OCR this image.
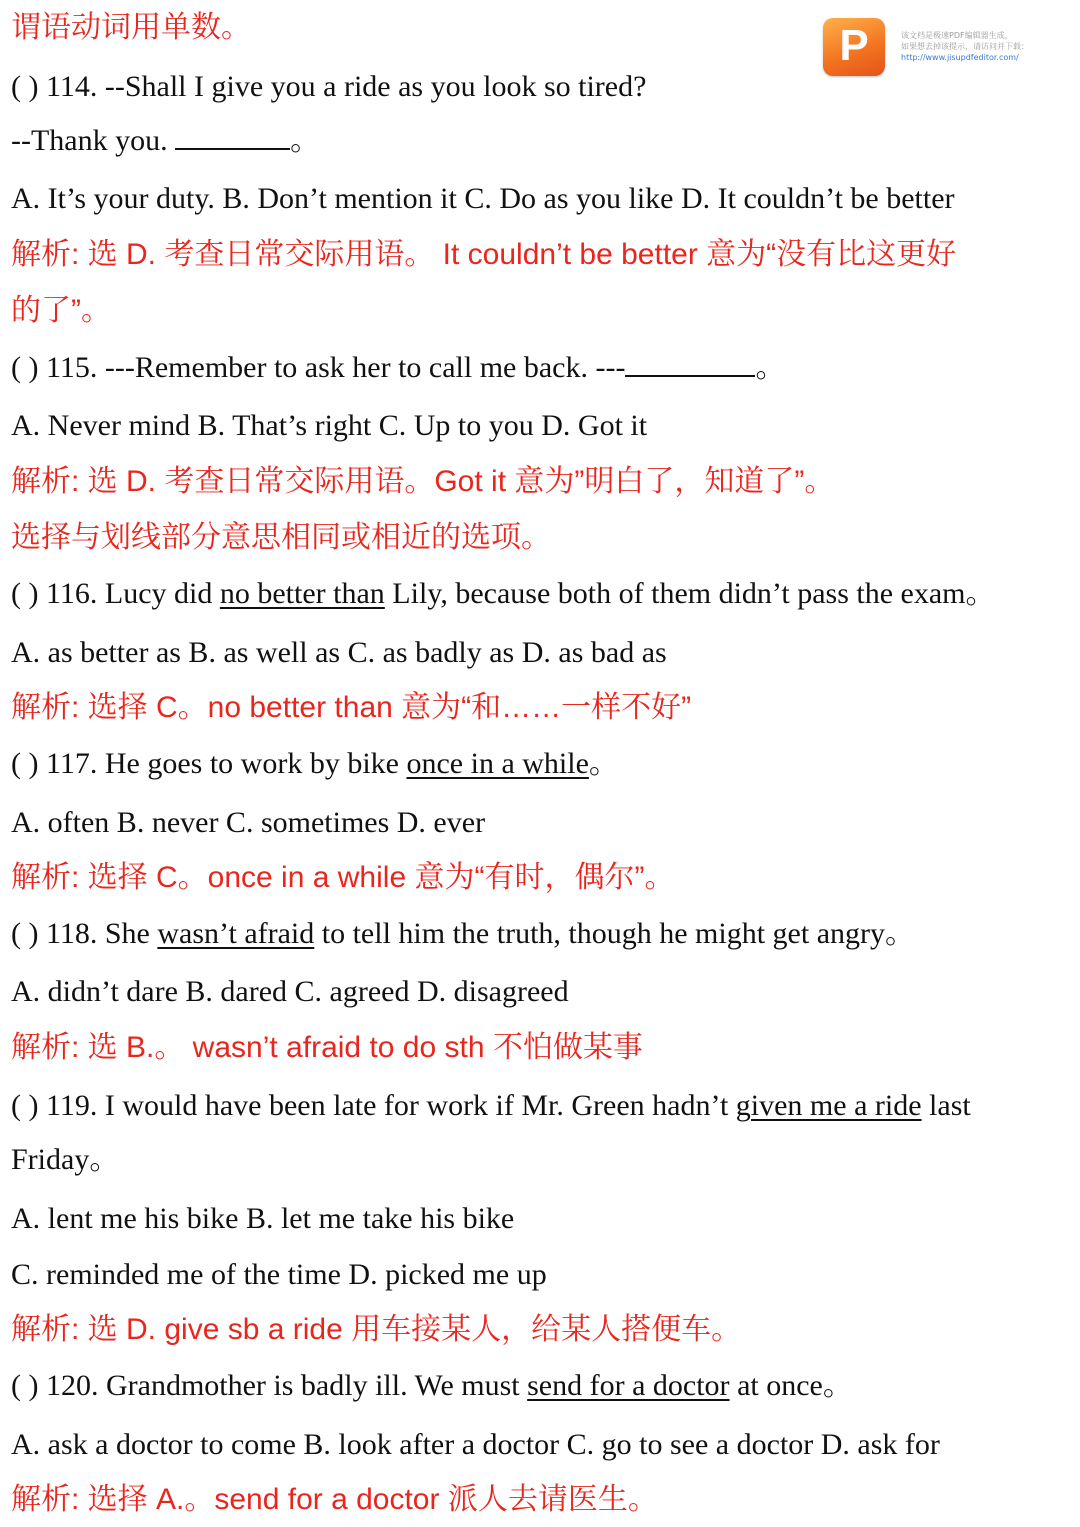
P	该文档是极速PDF编辑器生成，
如果想去掉该提示，请访问并下载：
http://www.jisupdfeditor.com/
谓语动词用单数。
( ) 114. --Shall I give you a ride as you look so tired?
--Thank you.	。
A. It’s your duty. B. Don’t mention it C. Do as you like D. It couldn’t be better
解析: 选 D. 考查日常交际用语。 It couldn’t be better 意为“没有比这更好
的了”。
( ) 115. ---Remember to ask her to call me back. ---	。
A. Never mind B. That’s right C. Up to you D. Got it
解析: 选 D. 考查日常交际用语。Got it 意为”明白了，知道了”。
选择与划线部分意思相同或相近的选项。
( ) 116. Lucy did no better than Lily, because both of them didn’t pass the exam。
A. as better as B. as well as C. as badly as D. as bad as
解析: 选择 C。no better than 意为“和……一样不好”
( ) 117. He goes to work by bike once in a while。
A. often B. never C. sometimes D. ever
解析: 选择 C。once in a while 意为“有时，偶尔”。
( ) 118. She wasn’t afraid to tell him the truth, though he might get angry。
A. didn’t dare B. dared C. agreed D. disagreed
解析: 选 B.。 wasn’t afraid to do sth 不怕做某事
( ) 119. I would have been late for work if Mr. Green hadn’t given me a ride last
Friday。
A. lent me his bike B. let me take his bike
C. reminded me of the time D. picked me up
解析: 选 D. give sb a ride 用车接某人，给某人搭便车。
( ) 120. Grandmother is badly ill. We must send for a doctor at once。
A. ask a doctor to come B. look after a doctor C. go to see a doctor D. ask for
解析: 选择 A.。send for a doctor 派人去请医生。
